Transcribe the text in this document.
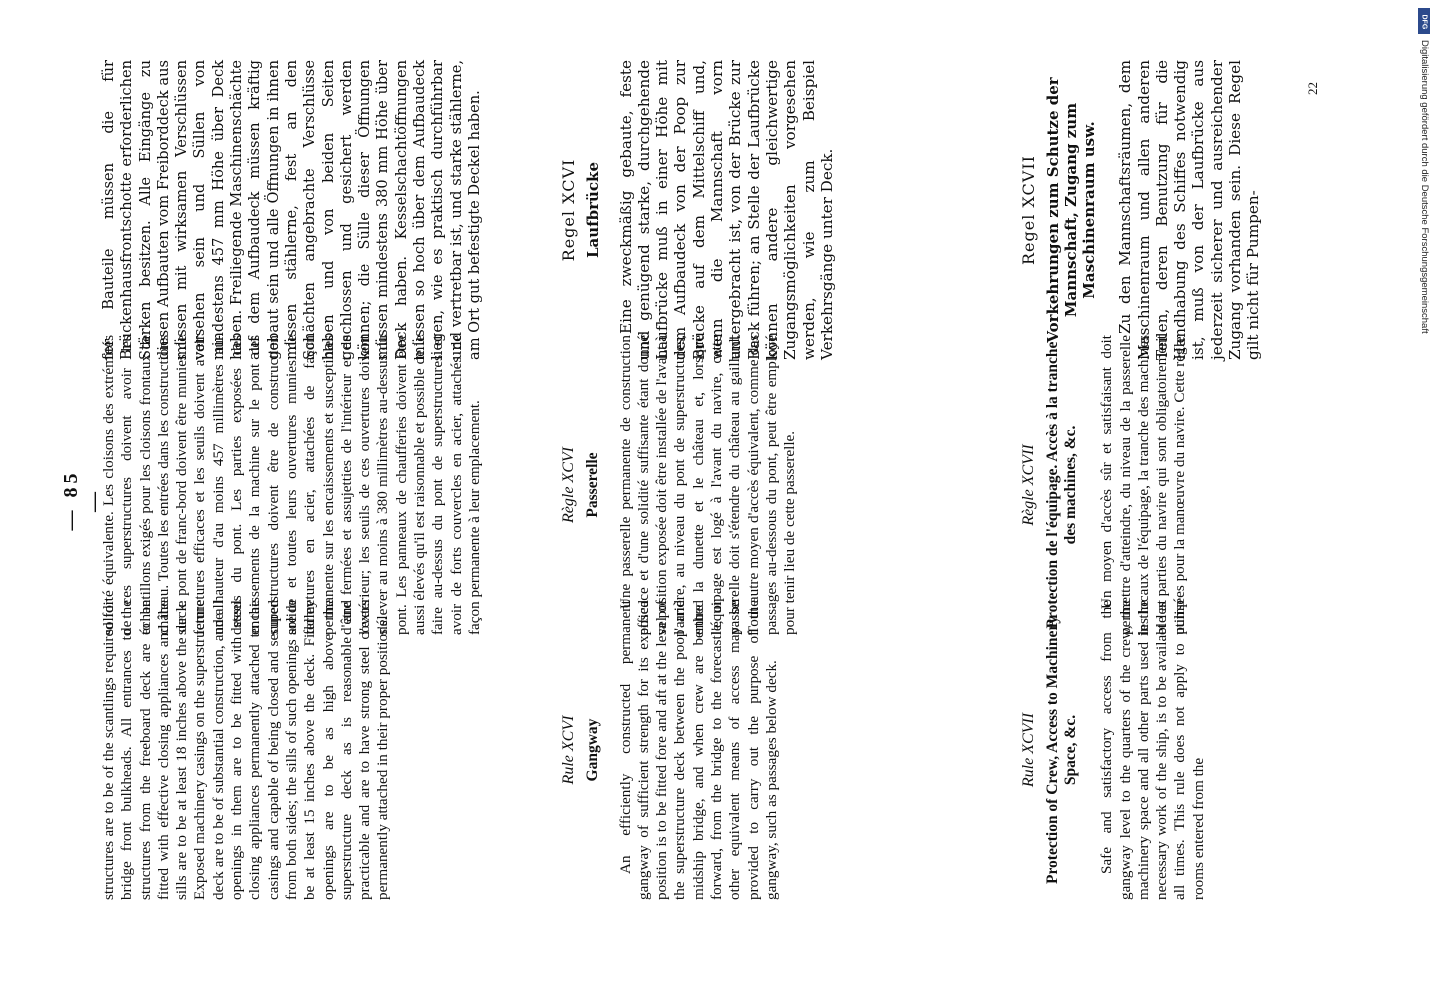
— 85 —

structures are to be of the scantlings required for bridge front bulkheads. All entrances to the structures from the freeboard deck are to be fitted with effective closing appliances and the sills are to be at least 18 inches above the deck. Exposed machinery casings on the superstructure deck are to be of substantial construction, and all openings in them are to be fitted with steel closing appliances permanently attached to the casings and capable of being closed and secured from both sides; the sills of such openings are to be at least 15 inches above the deck. Fiddley openings are to be as high above the superstructure deck as is reasonable and practicable and are to have strong steel covers permanently attached in their proper positions.

solidité équivalente. Les cloisons des extrémités de ces superstructures doivent avoir les échantillons exigés pour les cloisons frontaux de château. Toutes les entrées dans les constructions sur le pont de franc-bord doivent être munies de fermetures efficaces et les seuils doivent avoir une hauteur d'au moins 457 millimètres au-dessus du pont. Les parties exposées des encaissements de la machine sur le pont des superstructures doivent être de construction solide et toutes leurs ouvertures munies de fermetures en acier, attachées de façon permanente sur les encaissements et susceptibles d'être fermées et assujetties de l'intérieur et de l'extérieur; les seuils de ces ouvertures doivent s'élever au moins à 380 millimètres au-dessus du pont. Les panneaux de chaufferies doivent être aussi élevés qu'il est raisonnable et possible de le faire au-dessus du pont de superstructures et avoir de forts couvercles en acier, attachés de façon permanente à leur emplacement.

fer Bauteile müssen die für Brückenhausfrontschotte erforderlichen Stärken besitzen. Alle Eingänge zu diesen Aufbauten vom Freiborddeck aus müssen mit wirksamen Verschlüssen versehen sein und Süllen von mindestens 457 mm Höhe über Deck haben. Freiliegende Maschinenschächte auf dem Aufbaudeck müssen kräftig gebaut sein und alle Öffnungen in ihnen müssen stählerne, fest an den Schächten angebrachte Verschlüsse haben und von beiden Seiten geschlossen und gesichert werden können; die Sülle dieser Öffnungen müssen mindestens 380 mm Höhe über Deck haben. Kesselschachtöffnungen müssen so hoch über dem Aufbaudeck liegen, wie es praktisch durchführbar und vertretbar ist, und starke stählerne, am Ort gut befestigte Deckel haben.

Rule XCVI Gangway An efficiently constructed permanent gangway of sufficient strength for its exposed position is to be fitted fore and aft at the level of the superstructure deck between the poop and midship bridge, and when crew are berthed forward, from the bridge to the forecastle, or other equivalent means of access may be provided to carry out the purpose of the gangway, such as passages below deck.

Règle XCVI Passerelle Une passerelle permanente de construction efficace et d'une solidité suffisante étant donné sa position exposée doit être installée de l'avant à l'arrière, au niveau du pont de superstructures, entre la dunette et le château et, lorsque l'équipage est logé à l'avant du navire, cette passerelle doit s'étendre du château au gaillard. Tout autre moyen d'accès équivalent, comme des passages au-dessous du pont, peut être employé pour tenir lieu de cette passerelle.

Regel XCVI Laufbrücke Eine zweckmäßig gebaute, feste und genügend starke, durchgehende Laufbrücke muß in einer Höhe mit dem Aufbaudeck von der Poop zur Brücke auf dem Mittelschiff und, wenn die Mannschaft vorn untergebracht ist, von der Brücke zur Back führen; an Stelle der Laufbrücke können andere gleichwertige Zugangsmöglichkeiten vorgesehen werden, wie zum Beispiel Verkehrsgänge unter Deck.

Rule XCVII Protection of Crew, Access to Machinery Space, &c. Safe and satisfactory access from the gangway level to the quarters of the crew, the machinery space and all other parts used in the necessary work of the ship, is to be available at all times. This rule does not apply to pump rooms entered from the

Règle XCVII Protection de l'équipage. Accès à la tranche des machines, &c. Un moyen d'accès sûr et satisfaisant doit permettre d'atteindre, du niveau de la passerelle les locaux de l'équipage, la tranche des machines et les parties du navire qui sont obligatoirement utilisées pour la manœuvre du navire. Cette règle

Regel XCVII Vorkehrungen zum Schutze der Mannschaft, Zugang zum Maschinenraum usw. Zu den Mannschaftsräumen, dem Maschinenraum und allen anderen Teilen, deren Benutzung für die Handhabung des Schiffes notwendig ist, muß von der Laufbrücke aus jederzeit sicherer und ausreichender Zugang vorhanden sein. Diese Regel gilt nicht für Pumpen-

22
DFG
Digitalisierung gefördert durch die Deutsche Forschungsgemeinschaft
